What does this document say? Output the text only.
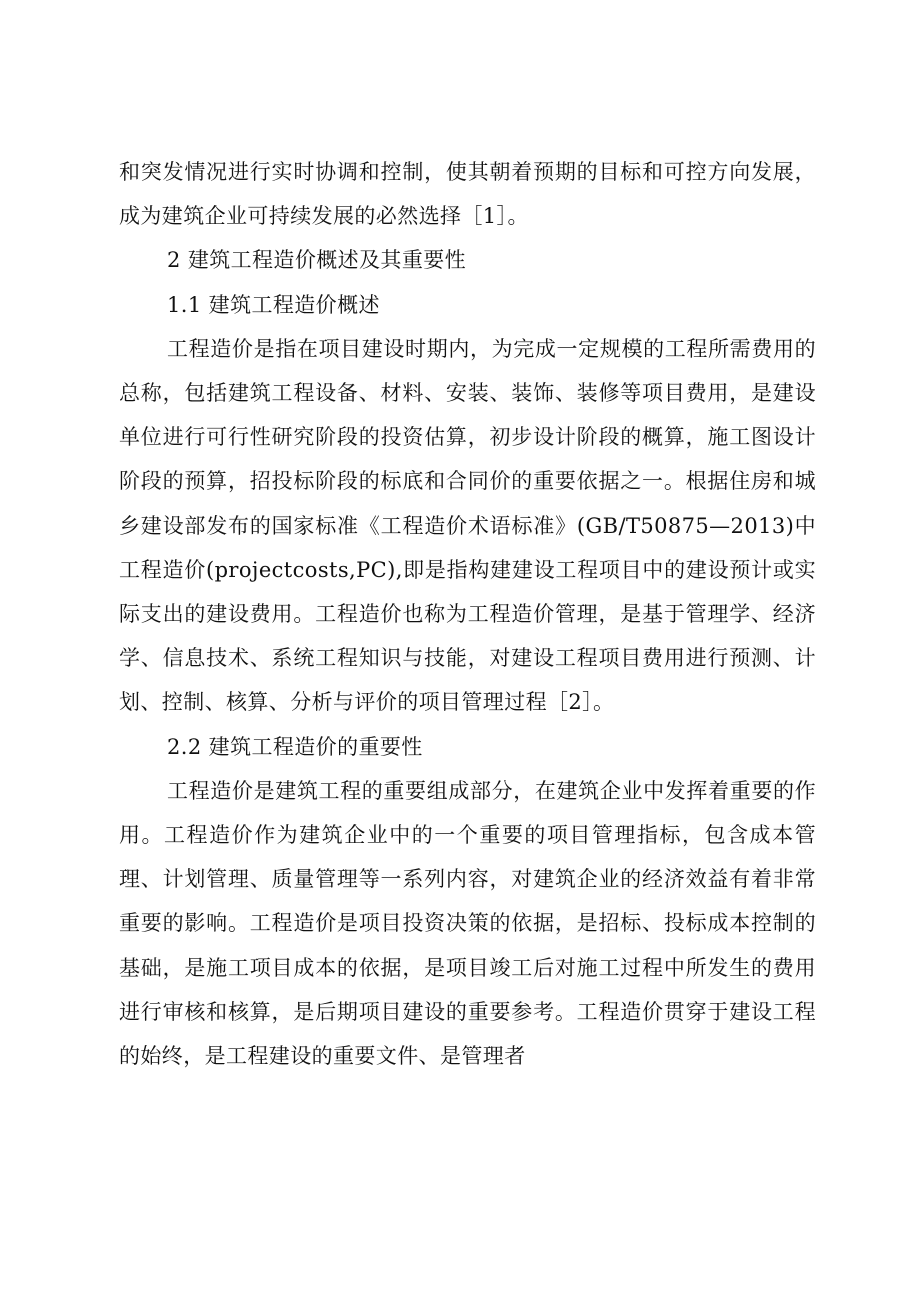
和突发情况进行实时协调和控制，使其朝着预期的目标和可控方向发展，成为建筑企业可持续发展的必然选择［1］。

2 建筑工程造价概述及其重要性

1.1 建筑工程造价概述

工程造价是指在项目建设时期内，为完成一定规模的工程所需费用的总称，包括建筑工程设备、材料、安装、装饰、装修等项目费用，是建设单位进行可行性研究阶段的投资估算，初步设计阶段的概算，施工图设计阶段的预算，招投标阶段的标底和合同价的重要依据之一。根据住房和城乡建设部发布的国家标准《工程造价术语标准》(GB/T50875—2013)中工程造价(projectcosts,PC),即是指构建建设工程项目中的建设预计或实际支出的建设费用。工程造价也称为工程造价管理，是基于管理学、经济学、信息技术、系统工程知识与技能，对建设工程项目费用进行预测、计划、控制、核算、分析与评价的项目管理过程［2］。

2.2 建筑工程造价的重要性

工程造价是建筑工程的重要组成部分，在建筑企业中发挥着重要的作用。工程造价作为建筑企业中的一个重要的项目管理指标，包含成本管理、计划管理、质量管理等一系列内容，对建筑企业的经济效益有着非常重要的影响。工程造价是项目投资决策的依据，是招标、投标成本控制的基础，是施工项目成本的依据，是项目竣工后对施工过程中所发生的费用进行审核和核算，是后期项目建设的重要参考。工程造价贯穿于建设工程的始终，是工程建设的重要文件、是管理者
